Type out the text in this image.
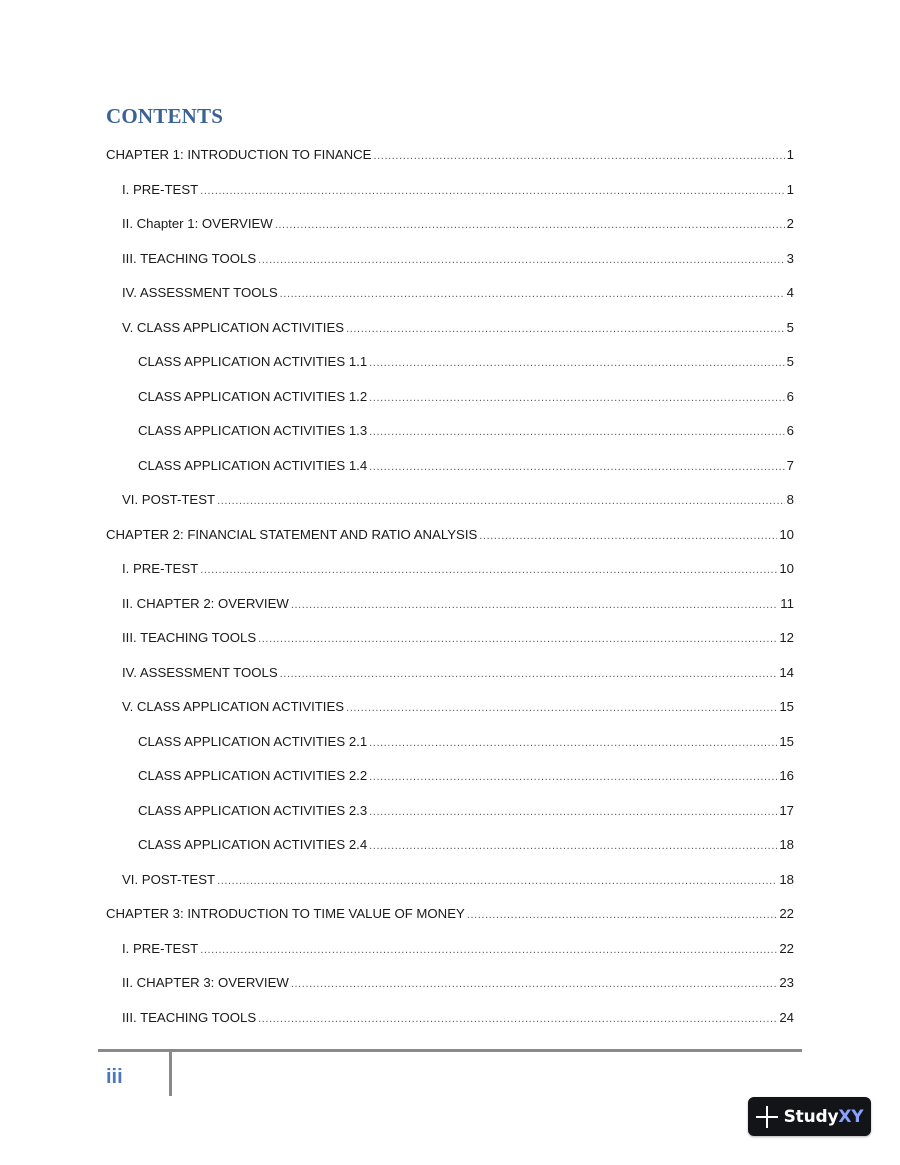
CONTENTS
CHAPTER 1: INTRODUCTION TO FINANCE .....	1
I. PRE-TEST .....	1
II. Chapter 1: OVERVIEW .....	2
III. TEACHING TOOLS .....	3
IV. ASSESSMENT TOOLS .....	4
V. CLASS APPLICATION ACTIVITIES .....	5
CLASS APPLICATION ACTIVITIES 1.1 .....	5
CLASS APPLICATION ACTIVITIES 1.2 .....	6
CLASS APPLICATION ACTIVITIES 1.3 .....	6
CLASS APPLICATION ACTIVITIES 1.4 .....	7
VI. POST-TEST .....	8
CHAPTER 2: FINANCIAL STATEMENT AND RATIO ANALYSIS .....	10
I. PRE-TEST .....	10
II. CHAPTER 2: OVERVIEW .....	11
III. TEACHING TOOLS .....	12
IV. ASSESSMENT TOOLS .....	14
V. CLASS APPLICATION ACTIVITIES .....	15
CLASS APPLICATION ACTIVITIES 2.1 .....	15
CLASS APPLICATION ACTIVITIES 2.2 .....	16
CLASS APPLICATION ACTIVITIES 2.3 .....	17
CLASS APPLICATION ACTIVITIES 2.4 .....	18
VI. POST-TEST .....	18
CHAPTER 3: INTRODUCTION TO TIME VALUE OF MONEY .....	22
I. PRE-TEST .....	22
II. CHAPTER 3: OVERVIEW .....	23
III. TEACHING TOOLS .....	24
iii
StudyXY
